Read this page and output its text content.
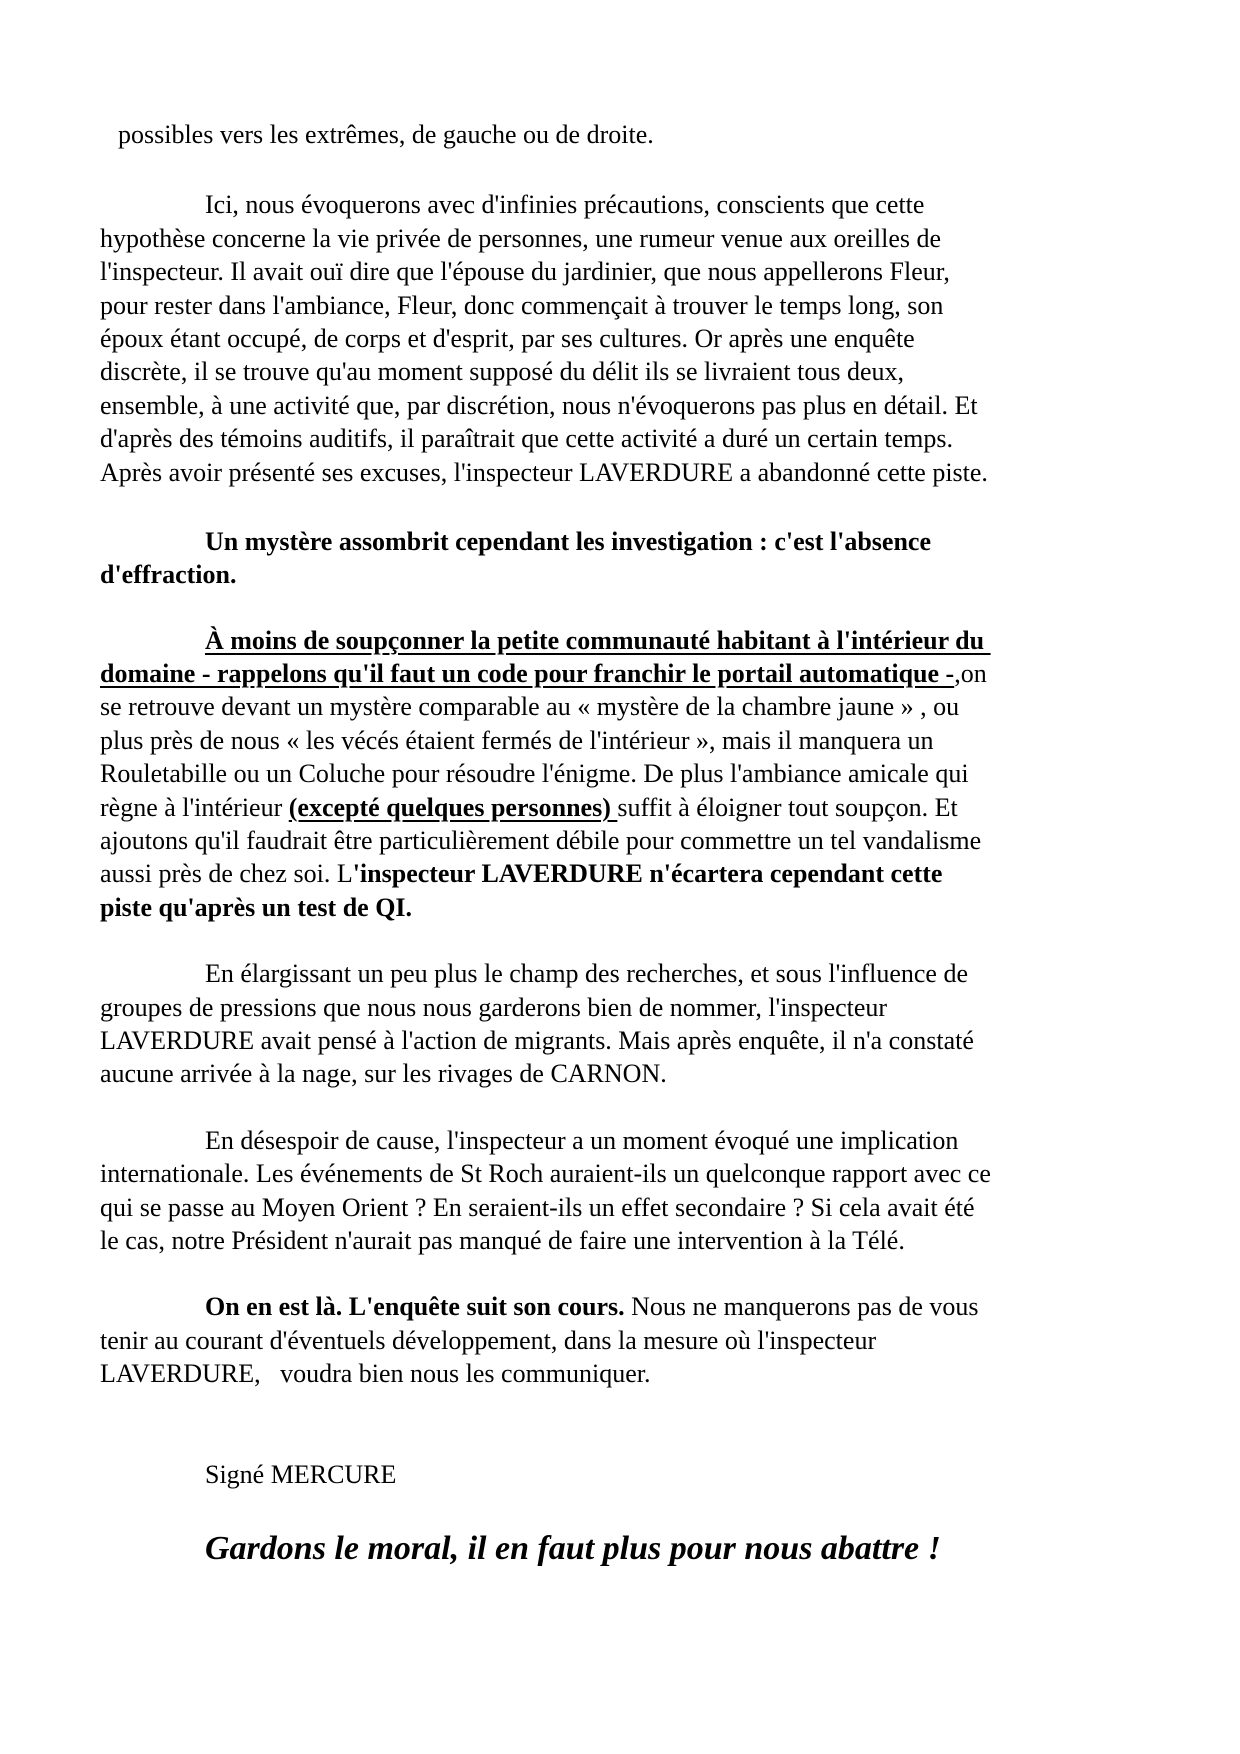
possibles vers les extrêmes, de gauche ou de droite.
Ici, nous évoquerons avec d'infinies précautions, conscients que cette
hypothèse concerne la vie privée de personnes, une rumeur venue aux oreilles de
l'inspecteur. Il avait ouï dire que l'épouse du jardinier, que nous appellerons Fleur,
pour rester dans l'ambiance, Fleur, donc commençait à trouver le temps long, son
époux étant occupé, de corps et d'esprit, par ses cultures. Or après une enquête
discrète, il se trouve qu'au moment supposé du délit ils se livraient tous deux,
ensemble, à une activité que, par discrétion, nous n'évoquerons pas plus en détail. Et
d'après des témoins auditifs, il paraîtrait que cette activité a duré un certain temps.
Après avoir présenté ses excuses, l'inspecteur LAVERDURE a abandonné cette piste.
Un mystère assombrit cependant les investigation : c'est l'absence
d'effraction.
À moins de soupçonner la petite communauté habitant à l'intérieur du
domaine - rappelons qu'il faut un code pour franchir le portail automatique -,on
se retrouve devant un mystère comparable au « mystère de la chambre jaune » , ou
plus près de nous « les vécés étaient fermés de l'intérieur », mais il manquera un
Rouletabille ou un Coluche pour résoudre l'énigme. De plus l'ambiance amicale qui
règne à l'intérieur (excepté quelques personnes) suffit à éloigner tout soupçon. Et
ajoutons qu'il faudrait être particulièrement débile pour commettre un tel vandalisme
aussi près de chez soi. L'inspecteur LAVERDURE n'écartera cependant cette
piste qu'après un test de QI.
En élargissant un peu plus le champ des recherches, et sous l'influence de
groupes de pressions que nous nous garderons bien de nommer, l'inspecteur
LAVERDURE avait pensé à l'action de migrants. Mais après enquête, il n'a constaté
aucune arrivée à la nage, sur les rivages de CARNON.
En désespoir de cause, l'inspecteur a un moment évoqué une implication
internationale. Les événements de St Roch auraient-ils un quelconque rapport avec ce
qui se passe au Moyen Orient ? En seraient-ils un effet secondaire ? Si cela avait été
le cas, notre Président n'aurait pas manqué de faire une intervention à la Télé.
On en est là. L'enquête suit son cours. Nous ne manquerons pas de vous
tenir au courant d'éventuels développement, dans la mesure où l'inspecteur
LAVERDURE,   voudra bien nous les communiquer.
Signé MERCURE
Gardons le moral, il en faut plus pour nous abattre !
